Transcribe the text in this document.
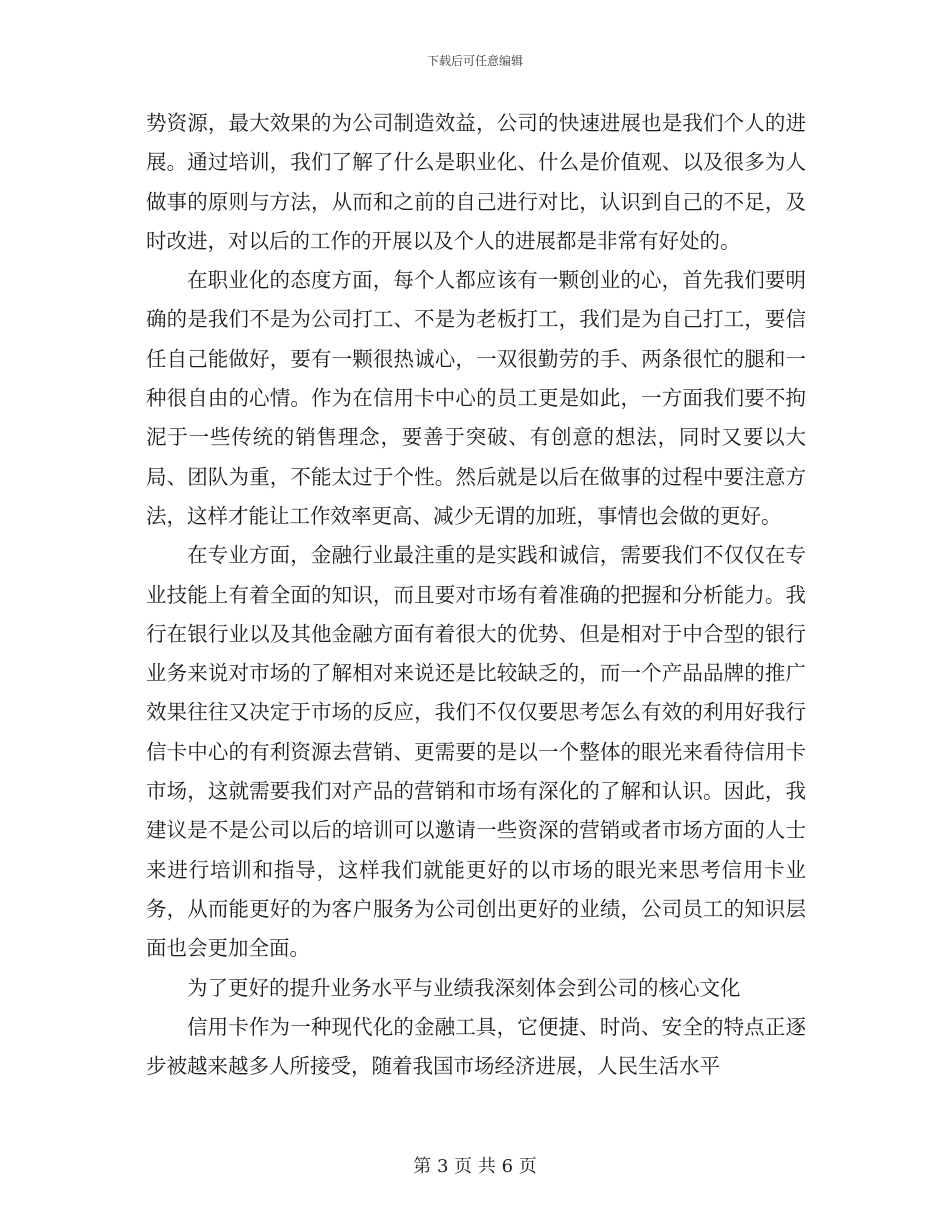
下载后可任意编辑

势资源，最大效果的为公司制造效益，公司的快速进展也是我们个人的进展。通过培训，我们了解了什么是职业化、什么是价值观、以及很多为人做事的原则与方法，从而和之前的自己进行对比，认识到自己的不足，及时改进，对以后的工作的开展以及个人的进展都是非常有好处的。

在职业化的态度方面，每个人都应该有一颗创业的心，首先我们要明确的是我们不是为公司打工、不是为老板打工，我们是为自己打工，要信任自己能做好，要有一颗很热诚心，一双很勤劳的手、两条很忙的腿和一种很自由的心情。作为在信用卡中心的员工更是如此，一方面我们要不拘泥于一些传统的销售理念，要善于突破、有创意的想法，同时又要以大局、团队为重，不能太过于个性。然后就是以后在做事的过程中要注意方法，这样才能让工作效率更高、减少无谓的加班，事情也会做的更好。

在专业方面，金融行业最注重的是实践和诚信，需要我们不仅仅在专业技能上有着全面的知识，而且要对市场有着准确的把握和分析能力。我行在银行业以及其他金融方面有着很大的优势、但是相对于中合型的银行业务来说对市场的了解相对来说还是比较缺乏的，而一个产品品牌的推广效果往往又决定于市场的反应，我们不仅仅要思考怎么有效的利用好我行信卡中心的有利资源去营销、更需要的是以一个整体的眼光来看待信用卡市场，这就需要我们对产品的营销和市场有深化的了解和认识。因此，我建议是不是公司以后的培训可以邀请一些资深的营销或者市场方面的人士来进行培训和指导，这样我们就能更好的以市场的眼光来思考信用卡业务，从而能更好的为客户服务为公司创出更好的业绩，公司员工的知识层面也会更加全面。

为了更好的提升业务水平与业绩我深刻体会到公司的核心文化

信用卡作为一种现代化的金融工具，它便捷、时尚、安全的特点正逐步被越来越多人所接受，随着我国市场经济进展，人民生活水平

第 3 页 共 6 页
